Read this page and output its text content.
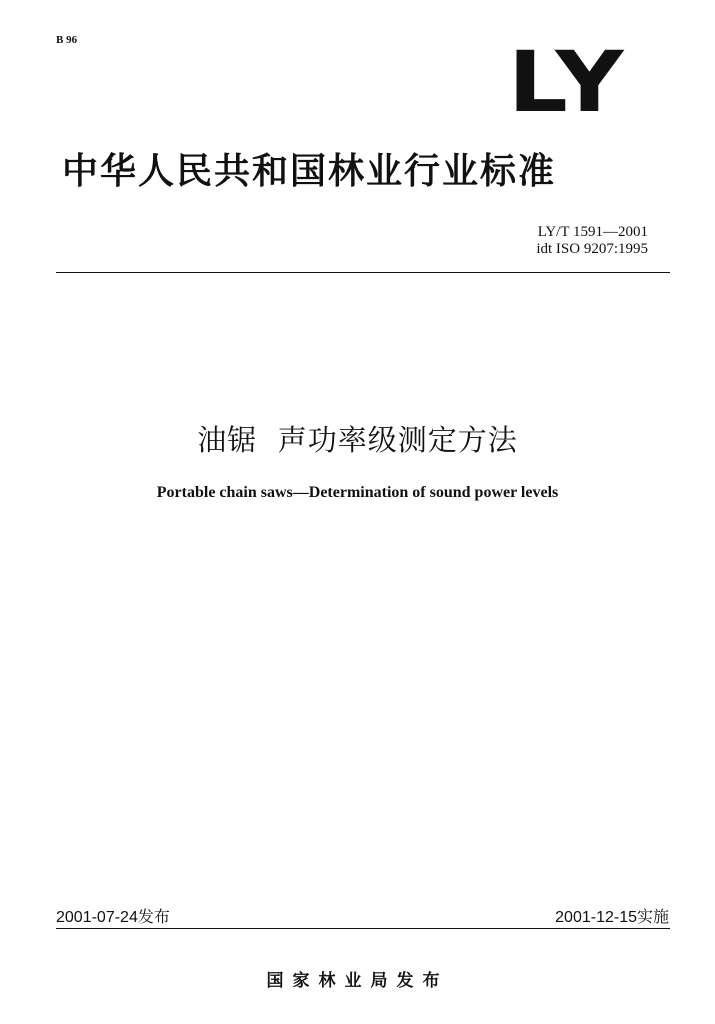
B 96	LY
中华人民共和国林业行业标准
LY/T 1591—2001
idt ISO 9207:1995
油锯  声功率级测定方法
Portable chain saws—Determination of sound power levels
2001-07-24发布	2001-12-15实施
国家林业局发布
